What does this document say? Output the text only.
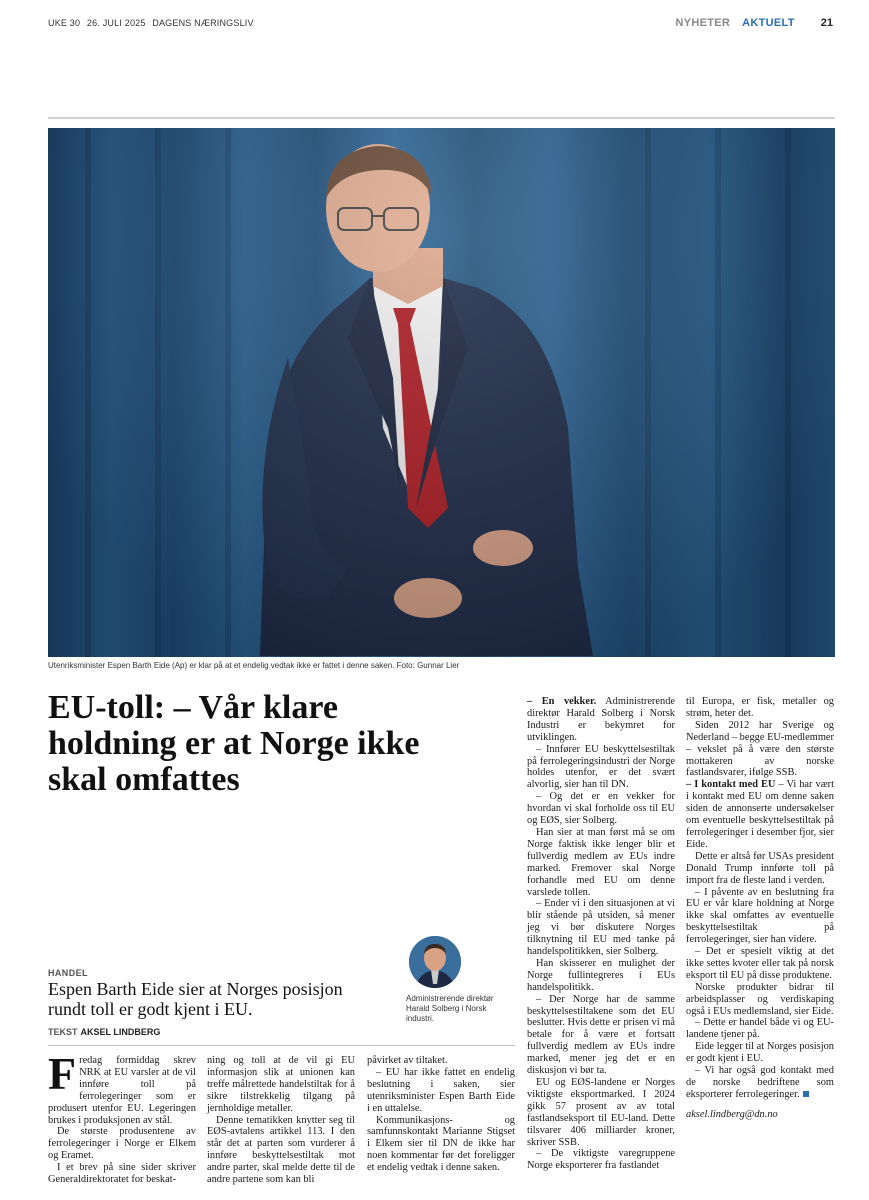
UKE 30 26. JULI 2025 DAGENS NÆRINGSLIV	NYHETER AKTUELT 21
Utenriksminister Espen Barth Eide (Ap) er klar på at et endelig vedtak ikke er fattet i denne saken. Foto: Gunnar Lier
EU-toll: – Vår klare holdning er at Norge ikke skal omfattes
HANDEL
Espen Barth Eide sier at Norges posisjon rundt toll er godt kjent i EU.
TEKST AKSEL LINDBERG
Administrerende direktør Harald Solberg i Norsk industri.

Fredag formiddag skrev NRK at EU varsler at de vil innføre toll på ferrolegeringer som er produsert utenfor EU. Legeringen brukes i produksjonen av stål.

De største produsentene av ferrolegeringer i Norge er Elkem og Eramet.

I et brev på sine sider skriver Generaldirektoratet for beskat-

ning og toll at de vil gi EU informasjon slik at unionen kan treffe målrettede handelstiltak for å sikre tilstrekkelig tilgang på jernholdige metaller.

Denne tematikken knytter seg til EØS-avtalens artikkel 113. I den står det at parten som vurderer å innføre beskyttelsestiltak mot andre parter, skal melde dette til de andre partene som kan bli

påvirket av tiltaket.

– EU har ikke fattet en endelig beslutning i saken, sier utenriksminister Espen Barth Eide i en uttalelse.

Kommunikasjons- og samfunnskontakt Marianne Stigset i Elkem sier til DN de ikke har noen kommentar før det foreligger et endelig vedtak i denne saken.

– En vekker. Administrerende direktør Harald Solberg i Norsk Industri er bekymret for utviklingen.

– Innfører EU beskyttelsestiltak på ferrolegeringsindustri der Norge holdes utenfor, er det svært alvorlig, sier han til DN.

– Og det er en vekker for hvordan vi skal forholde oss til EU og EØS, sier Solberg.

Han sier at man først må se om Norge faktisk ikke lenger blir et fullverdig medlem av EUs indre marked. Fremover skal Norge forhandle med EU om denne varslede tollen.

– Ender vi i den situasjonen at vi blir stående på utsiden, så mener jeg vi bør diskutere Norges tilknytning til EU med tanke på handelspolitikken, sier Solberg.

Han skisserer en mulighet der Norge fullintegreres i EUs handelspolitikk.

– Der Norge har de samme beskyttelsestiltakene som det EU beslutter. Hvis dette er prisen vi må betale for å være et fortsatt fullverdig medlem av EUs indre marked, mener jeg det er en diskusjon vi bør ta.

EU og EØS-landene er Norges viktigste eksportmarked. I 2024 gikk 57 prosent av av total fastlandseksport til EU-land. Dette tilsvarer 406 milliarder kroner, skriver SSB.

– De viktigste varegruppene Norge eksporterer fra fastlandet

til Europa, er fisk, metaller og strøm, heter det.

Siden 2012 har Sverige og Nederland – begge EU-medlemmer – vekslet på å være den største mottakeren av norske fastlandsvarer, ifølge SSB.

– I kontakt med EU – Vi har vært i kontakt med EU om denne saken siden de annonserte undersøkelser om eventuelle beskyttelsestiltak på ferrolegeringer i desember fjor, sier Eide.

Dette er altså før USAs president Donald Trump innførte toll på import fra de fleste land i verden.

– I påvente av en beslutning fra EU er vår klare holdning at Norge ikke skal omfattes av eventuelle beskyttelsestiltak på ferrolegeringer, sier han videre.

– Det er spesielt viktig at det ikke settes kvoter eller tak på norsk eksport til EU på disse produktene.

Norske produkter bidrar til arbeidsplasser og verdiskaping også i EUs medlemsland, sier Eide.

– Dette er handel både vi og EU-landene tjener på.

Eide legger til at Norges posisjon er godt kjent i EU.

– Vi har også god kontakt med de norske bedriftene som eksporterer ferrolegeringer.

aksel.lindberg@dn.no
